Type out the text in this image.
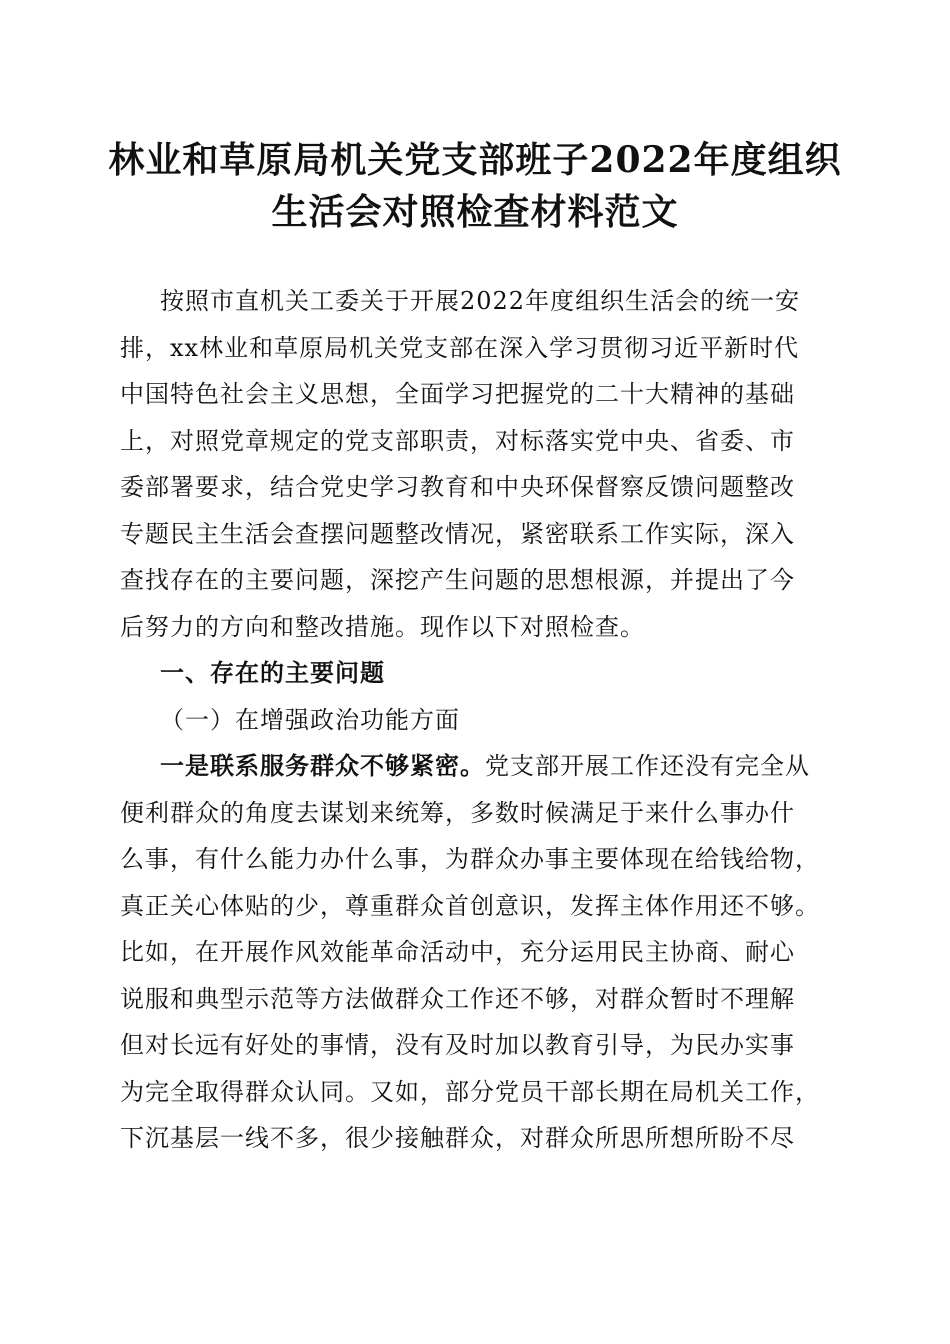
林业和草原局机关党支部班子2022年度组织
生活会对照检查材料范文
按照市直机关工委关于开展2022年度组织生活会的统一安
排，xx林业和草原局机关党支部在深入学习贯彻习近平新时代
中国特色社会主义思想，全面学习把握党的二十大精神的基础
上，对照党章规定的党支部职责，对标落实党中央、省委、市
委部署要求，结合党史学习教育和中央环保督察反馈问题整改
专题民主生活会查摆问题整改情况，紧密联系工作实际，深入
查找存在的主要问题，深挖产生问题的思想根源，并提出了今
后努力的方向和整改措施。现作以下对照检查。
一、存在的主要问题
（一）在增强政治功能方面
一是联系服务群众不够紧密。党支部开展工作还没有完全从
便利群众的角度去谋划来统筹，多数时候满足于来什么事办什
么事，有什么能力办什么事，为群众办事主要体现在给钱给物，
真正关心体贴的少，尊重群众首创意识，发挥主体作用还不够。
比如，在开展作风效能革命活动中，充分运用民主协商、耐心
说服和典型示范等方法做群众工作还不够，对群众暂时不理解
但对长远有好处的事情，没有及时加以教育引导，为民办实事
为完全取得群众认同。又如，部分党员干部长期在局机关工作，
下沉基层一线不多，很少接触群众，对群众所思所想所盼不尽
